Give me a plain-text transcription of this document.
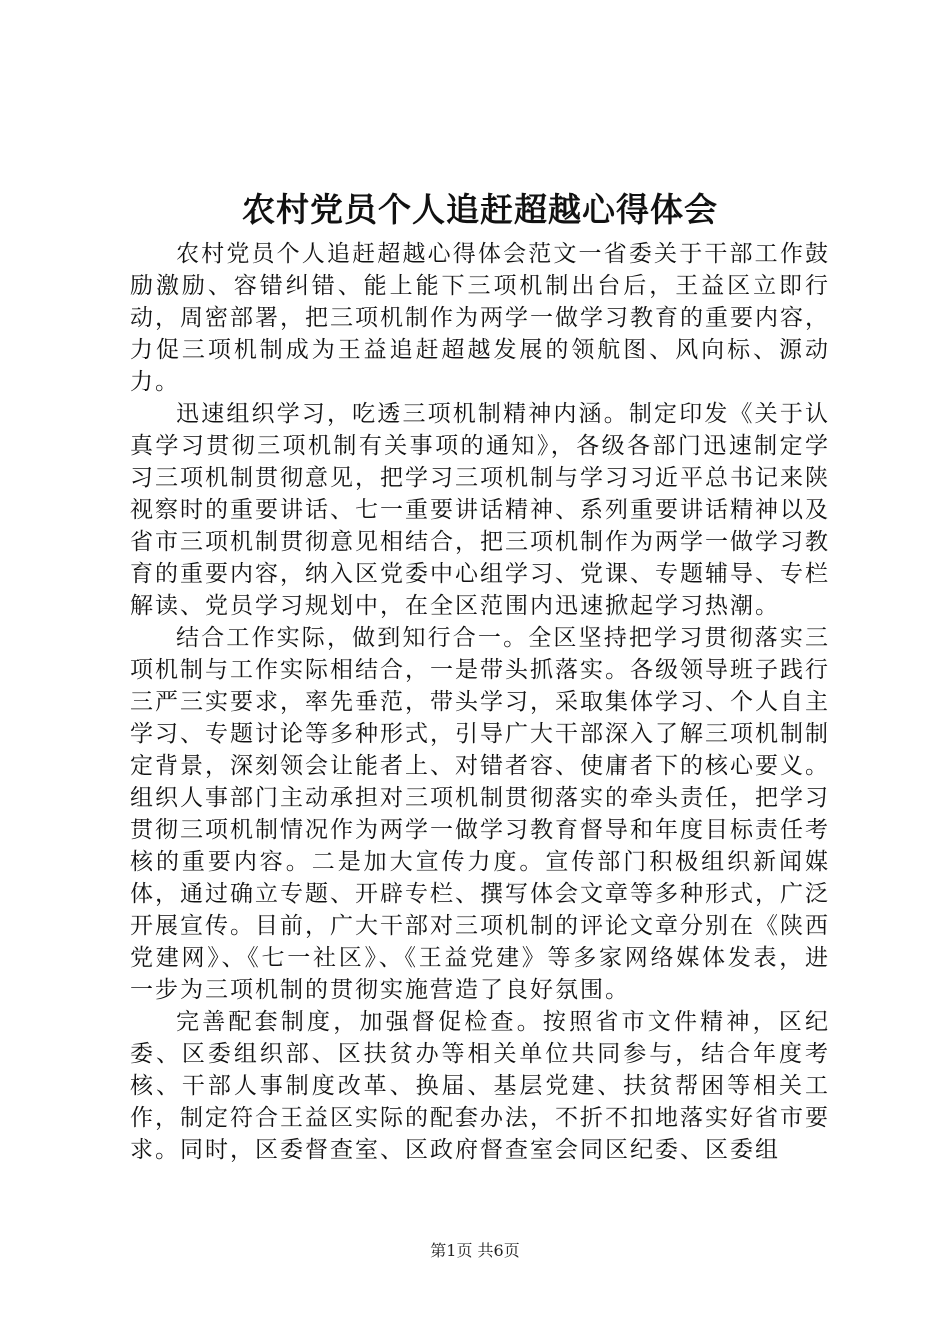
农村党员个人追赶超越心得体会

农村党员个人追赶超越心得体会范文一省委关于干部工作鼓励激励、容错纠错、能上能下三项机制出台后，王益区立即行动，周密部署，把三项机制作为两学一做学习教育的重要内容，力促三项机制成为王益追赶超越发展的领航图、风向标、源动力。

迅速组织学习，吃透三项机制精神内涵。制定印发《关于认真学习贯彻三项机制有关事项的通知》，各级各部门迅速制定学习三项机制贯彻意见，把学习三项机制与学习习近平总书记来陕视察时的重要讲话、七一重要讲话精神、系列重要讲话精神以及省市三项机制贯彻意见相结合，把三项机制作为两学一做学习教育的重要内容，纳入区党委中心组学习、党课、专题辅导、专栏解读、党员学习规划中，在全区范围内迅速掀起学习热潮。

结合工作实际，做到知行合一。全区坚持把学习贯彻落实三项机制与工作实际相结合，一是带头抓落实。各级领导班子践行三严三实要求，率先垂范，带头学习，采取集体学习、个人自主学习、专题讨论等多种形式，引导广大干部深入了解三项机制制定背景，深刻领会让能者上、对错者容、使庸者下的核心要义。组织人事部门主动承担对三项机制贯彻落实的牵头责任，把学习贯彻三项机制情况作为两学一做学习教育督导和年度目标责任考核的重要内容。二是加大宣传力度。宣传部门积极组织新闻媒体，通过确立专题、开辟专栏、撰写体会文章等多种形式，广泛开展宣传。目前，广大干部对三项机制的评论文章分别在《陕西党建网》、《七一社区》、《王益党建》等多家网络媒体发表，进一步为三项机制的贯彻实施营造了良好氛围。

完善配套制度，加强督促检查。按照省市文件精神，区纪委、区委组织部、区扶贫办等相关单位共同参与，结合年度考核、干部人事制度改革、换届、基层党建、扶贫帮困等相关工作，制定符合王益区实际的配套办法，不折不扣地落实好省市要求。同时，区委督查室、区政府督查室会同区纪委、区委组

第1页 共6页
